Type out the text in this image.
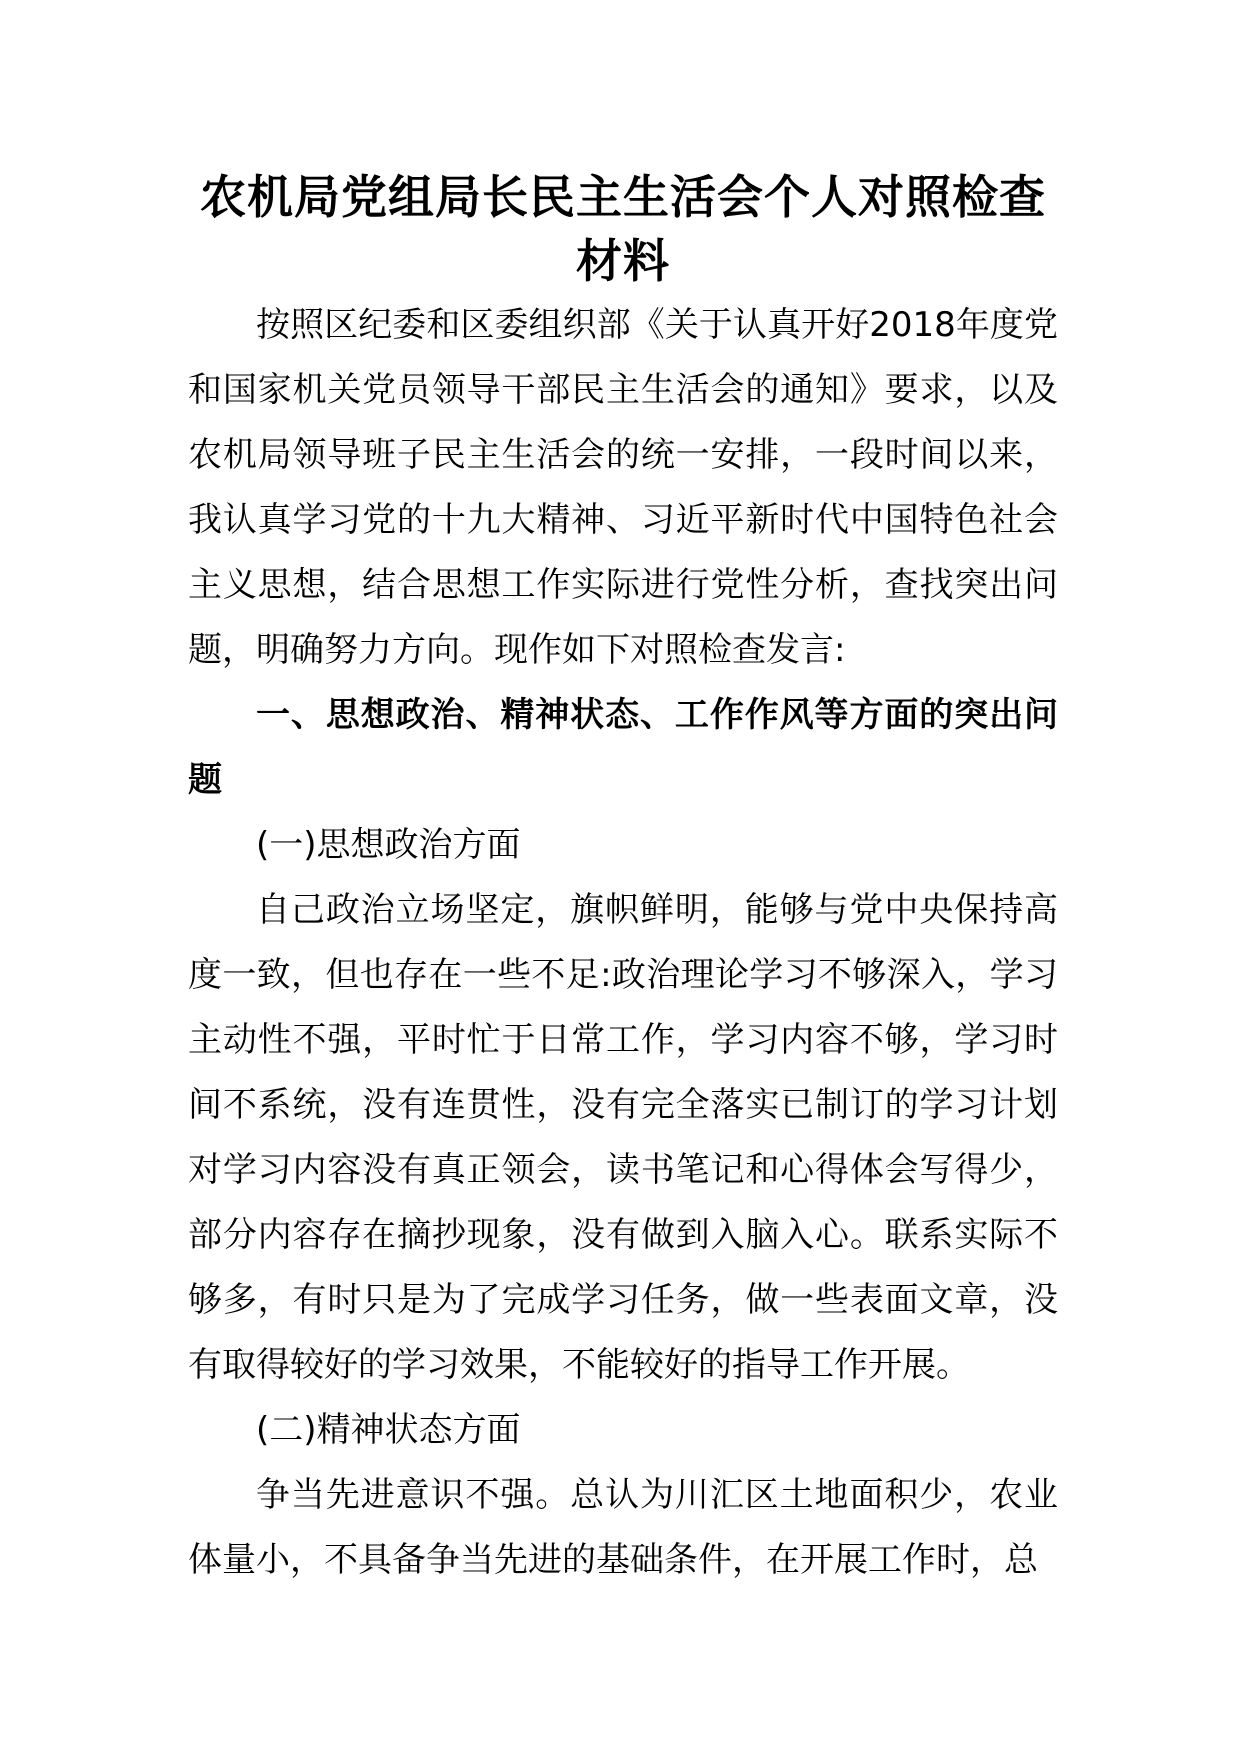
农机局党组局长民主生活会个人对照检查
材料

按照区纪委和区委组织部《关于认真开好2018年度党和国家机关党员领导干部民主生活会的通知》要求，以及农机局领导班子民主生活会的统一安排，一段时间以来，我认真学习党的十九大精神、习近平新时代中国特色社会主义思想，结合思想工作实际进行党性分析，查找突出问题，明确努力方向。现作如下对照检查发言:

一、思想政治、精神状态、工作作风等方面的突出问题

(一)思想政治方面

自己政治立场坚定，旗帜鲜明，能够与党中央保持高度一致，但也存在一些不足:政治理论学习不够深入，学习主动性不强，平时忙于日常工作，学习内容不够，学习时间不系统，没有连贯性，没有完全落实已制订的学习计划对学习内容没有真正领会，读书笔记和心得体会写得少，部分内容存在摘抄现象，没有做到入脑入心。联系实际不够多，有时只是为了完成学习任务，做一些表面文章，没有取得较好的学习效果，不能较好的指导工作开展。

(二)精神状态方面

争当先进意识不强。总认为川汇区土地面积少，农业体量小，不具备争当先进的基础条件，在开展工作时，总
